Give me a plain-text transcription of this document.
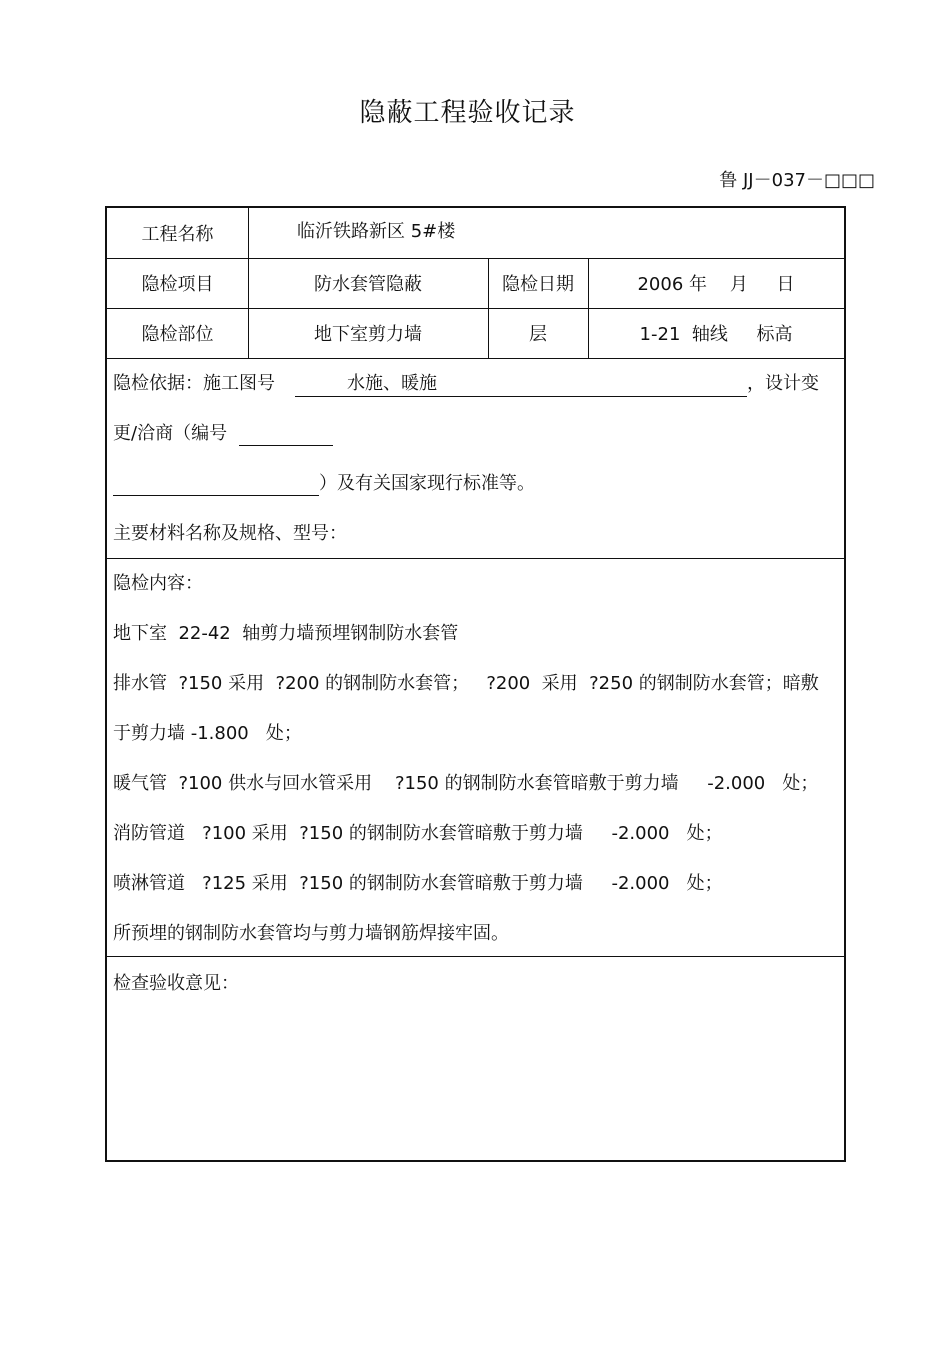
隐蔽工程验收记录
鲁 JJ－037－□□□
工程名称	临沂铁路新区 5#楼
隐检项目	防水套管隐蔽	隐检日期	2006 年    月     日
隐检部位	地下室剪力墙	层	1-21  轴线     标高
隐检依据：施工图号	水施、暖施	，设计变
更/洽商（编号
）及有关国家现行标准等。
主要材料名称及规格、型号：
隐检内容：
地下室  22-42  轴剪力墙预埋钢制防水套管
排水管  ?150 采用  ?200 的钢制防水套管；   ?200  采用  ?250 的钢制防水套管；暗敷
于剪力墙 -1.800   处；
暖气管  ?100 供水与回水管采用    ?150 的钢制防水套管暗敷于剪力墙     -2.000   处；
消防管道   ?100 采用  ?150 的钢制防水套管暗敷于剪力墙     -2.000   处；
喷淋管道   ?125 采用  ?150 的钢制防水套管暗敷于剪力墙     -2.000   处；
所预埋的钢制防水套管均与剪力墙钢筋焊接牢固。
检查验收意见：
